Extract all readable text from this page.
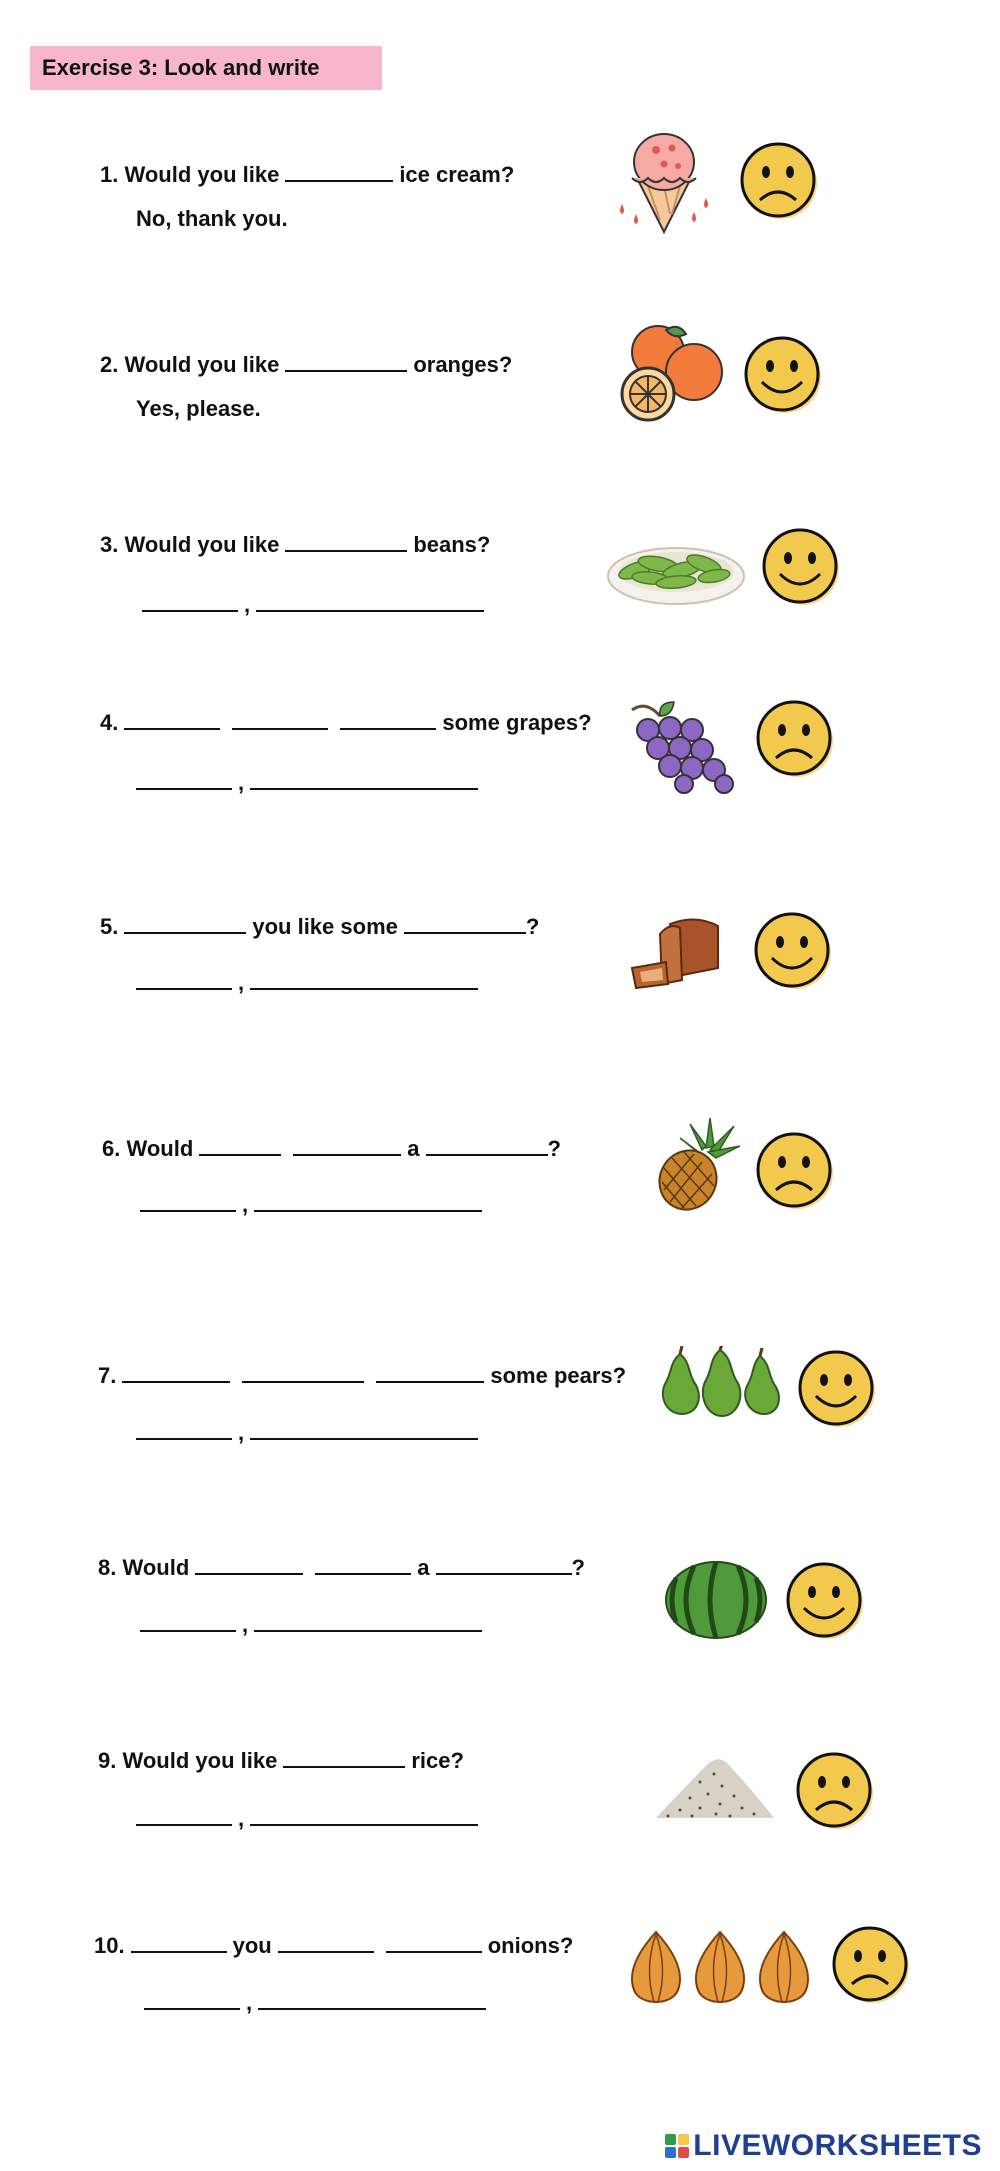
Exercise 3: Look and write
1.
Would you like	ice cream?
No, thank you.
2.
Would you like	oranges?
Yes, please.
3.
Would you like	beans?
,
4.	some grapes?
,
5.	you like some	?
,
6.
Would	a	?
,
7.	some pears?
,
8.
Would	a	?
,
9.
Would you like	rice?
,
10.	you	onions?
,
LIVEWORKSHEETS
